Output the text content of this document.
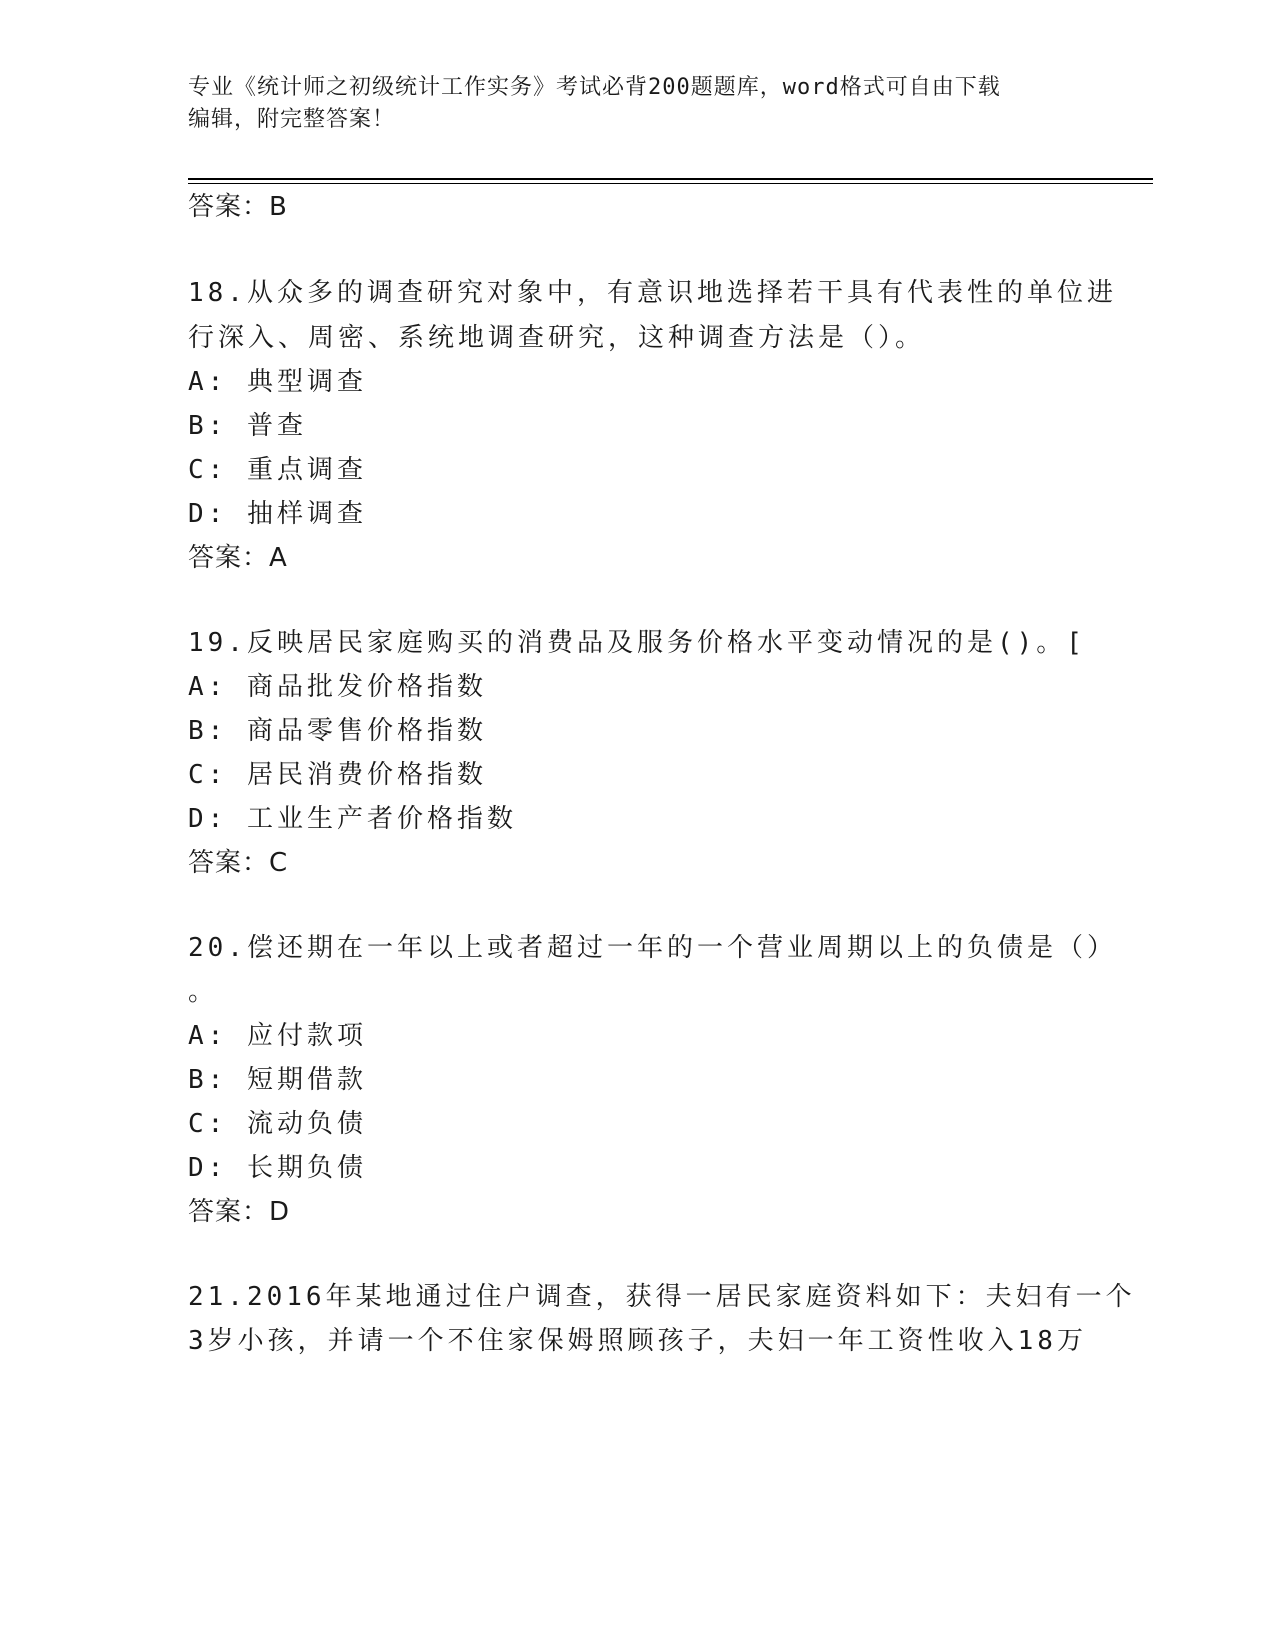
专业《统计师之初级统计工作实务》考试必背200题题库，word格式可自由下载
编辑，附完整答案！
答案：B
18.从众多的调查研究对象中，有意识地选择若干具有代表性的单位进
行深入、周密、系统地调查研究，这种调查方法是（）。
A: 典型调查
B: 普查
C: 重点调查
D: 抽样调查
答案：A
19.反映居民家庭购买的消费品及服务价格水平变动情况的是()。[
A: 商品批发价格指数
B: 商品零售价格指数
C: 居民消费价格指数
D: 工业生产者价格指数
答案：C
20.偿还期在一年以上或者超过一年的一个营业周期以上的负债是（）
。
A: 应付款项
B: 短期借款
C: 流动负债
D: 长期负债
答案：D
21.2016年某地通过住户调查，获得一居民家庭资料如下：夫妇有一个
3岁小孩，并请一个不住家保姆照顾孩子，夫妇一年工资性收入18万
